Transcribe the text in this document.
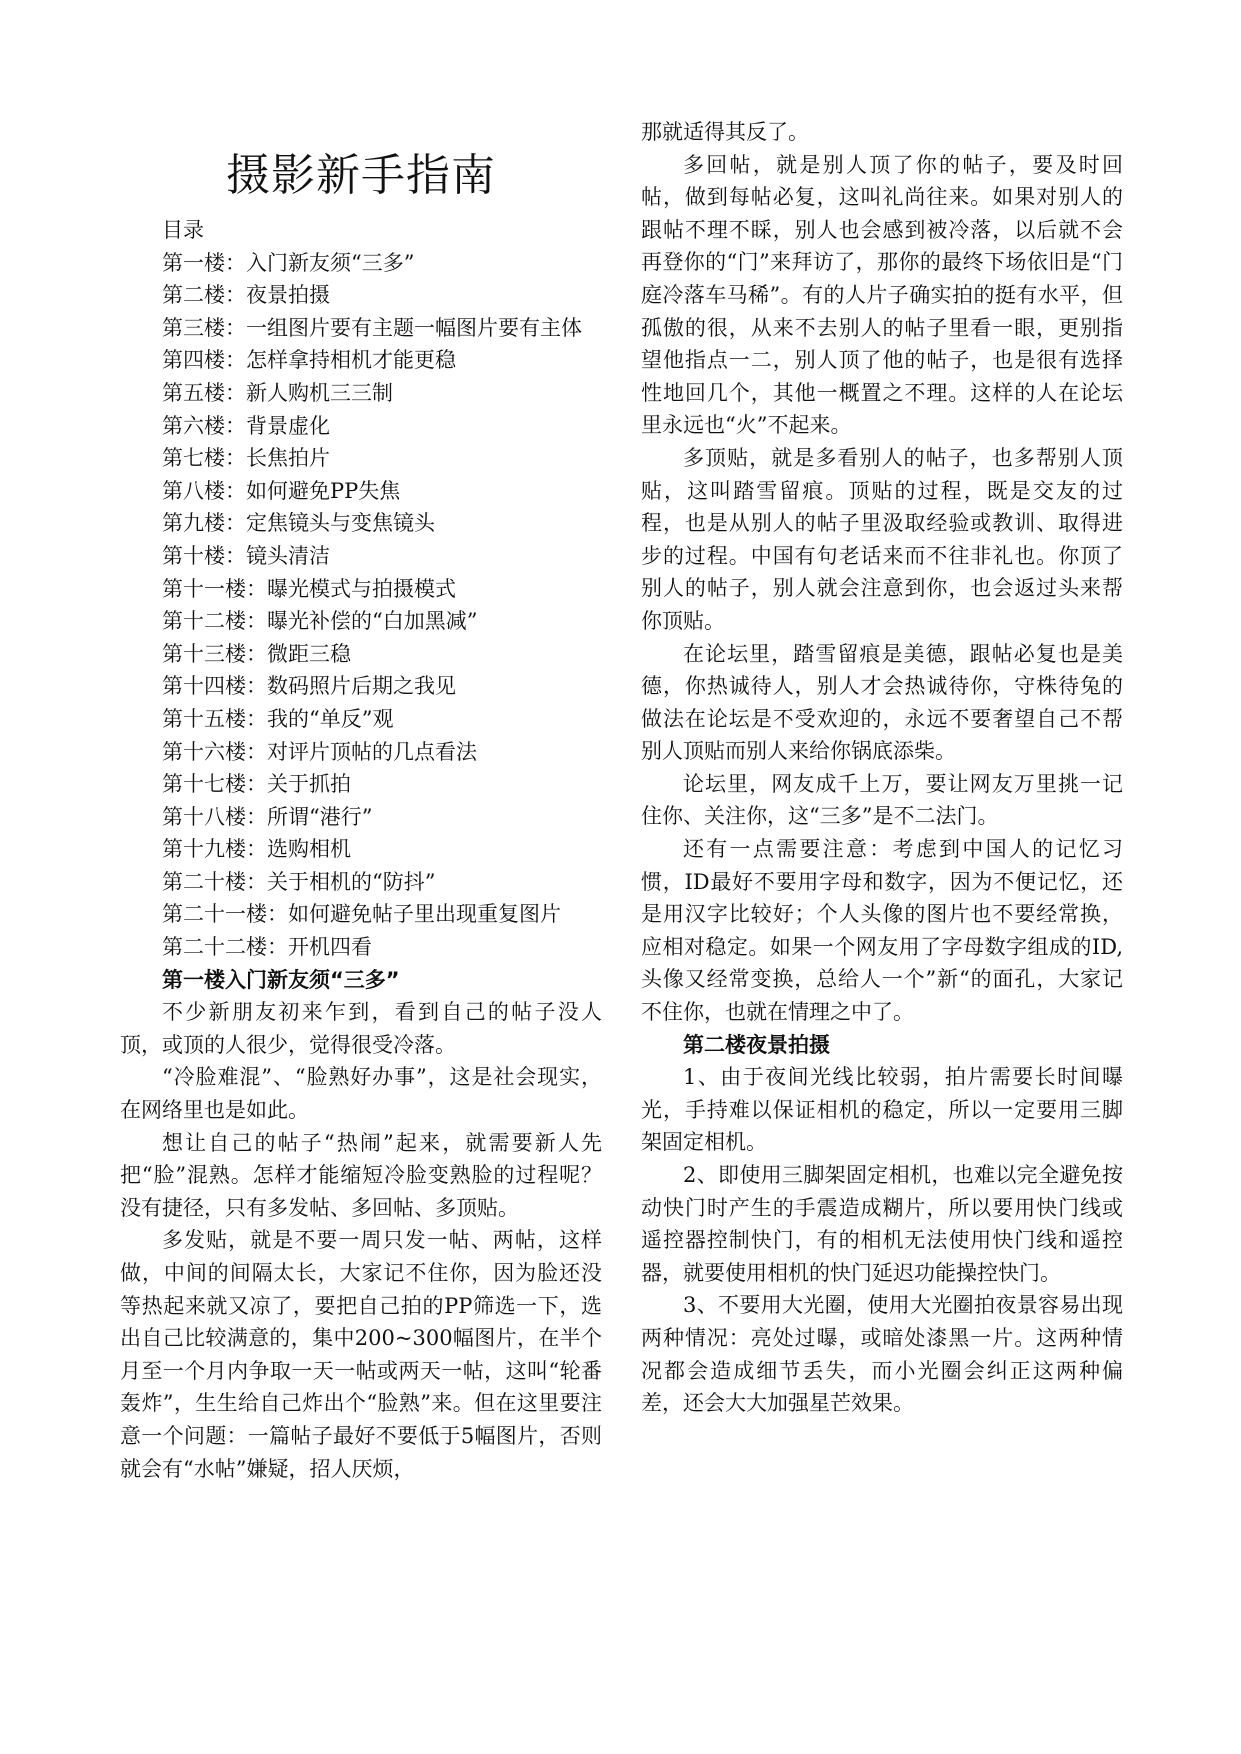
摄影新手指南

目录

第一楼：入门新友须“三多”

第二楼：夜景拍摄

第三楼：一组图片要有主题一幅图片要有主体

第四楼：怎样拿持相机才能更稳

第五楼：新人购机三三制

第六楼：背景虚化

第七楼：长焦拍片

第八楼：如何避免PP失焦

第九楼：定焦镜头与变焦镜头

第十楼：镜头清洁

第十一楼：曝光模式与拍摄模式

第十二楼：曝光补偿的“白加黑减”

第十三楼：微距三稳

第十四楼：数码照片后期之我见

第十五楼：我的“单反”观

第十六楼：对评片顶帖的几点看法

第十七楼：关于抓拍

第十八楼：所谓“港行”

第十九楼：选购相机

第二十楼：关于相机的“防抖”

第二十一楼：如何避免帖子里出现重复图片

第二十二楼：开机四看

第一楼入门新友须“三多”

不少新朋友初来乍到，看到自己的帖子没人顶，或顶的人很少，觉得很受冷落。

“冷脸难混”、“脸熟好办事”，这是社会现实，在网络里也是如此。

想让自己的帖子“热闹”起来，就需要新人先把“脸”混熟。怎样才能缩短冷脸变熟脸的过程呢？没有捷径，只有多发帖、多回帖、多顶贴。

多发贴，就是不要一周只发一帖、两帖，这样做，中间的间隔太长，大家记不住你，因为脸还没等热起来就又凉了，要把自己拍的PP筛选一下，选出自己比较满意的，集中200~300幅图片，在半个月至一个月内争取一天一帖或两天一帖，这叫“轮番轰炸”，生生给自己炸出个“脸熟”来。但在这里要注意一个问题：一篇帖子最好不要低于5幅图片，否则就会有“水帖”嫌疑，招人厌烦，

那就适得其反了。

多回帖，就是别人顶了你的帖子，要及时回帖，做到每帖必复，这叫礼尚往来。如果对别人的跟帖不理不睬，别人也会感到被冷落，以后就不会再登你的“门”来拜访了，那你的最终下场依旧是“门庭冷落车马稀”。有的人片子确实拍的挺有水平，但孤傲的很，从来不去别人的帖子里看一眼，更别指望他指点一二，别人顶了他的帖子，也是很有选择性地回几个，其他一概置之不理。这样的人在论坛里永远也“火”不起来。

多顶贴，就是多看别人的帖子，也多帮别人顶贴，这叫踏雪留痕。顶贴的过程，既是交友的过程，也是从别人的帖子里汲取经验或教训、取得进步的过程。中国有句老话来而不往非礼也。你顶了别人的帖子，别人就会注意到你，也会返过头来帮你顶贴。

在论坛里，踏雪留痕是美德，跟帖必复也是美德，你热诚待人，别人才会热诚待你，守株待兔的做法在论坛是不受欢迎的，永远不要奢望自己不帮别人顶贴而别人来给你锅底添柴。

论坛里，网友成千上万，要让网友万里挑一记住你、关注你，这“三多”是不二法门。

还有一点需要注意：考虑到中国人的记忆习惯，ID最好不要用字母和数字，因为不便记忆，还是用汉字比较好；个人头像的图片也不要经常换，应相对稳定。如果一个网友用了字母数字组成的ID,头像又经常变换，总给人一个”新“的面孔，大家记不住你，也就在情理之中了。

第二楼夜景拍摄

1、由于夜间光线比较弱，拍片需要长时间曝光，手持难以保证相机的稳定，所以一定要用三脚架固定相机。

2、即使用三脚架固定相机，也难以完全避免按动快门时产生的手震造成糊片，所以要用快门线或遥控器控制快门，有的相机无法使用快门线和遥控器，就要使用相机的快门延迟功能操控快门。

3、不要用大光圈，使用大光圈拍夜景容易出现两种情况：亮处过曝，或暗处漆黑一片。这两种情况都会造成细节丢失，而小光圈会纠正这两种偏差，还会大大加强星芒效果。
